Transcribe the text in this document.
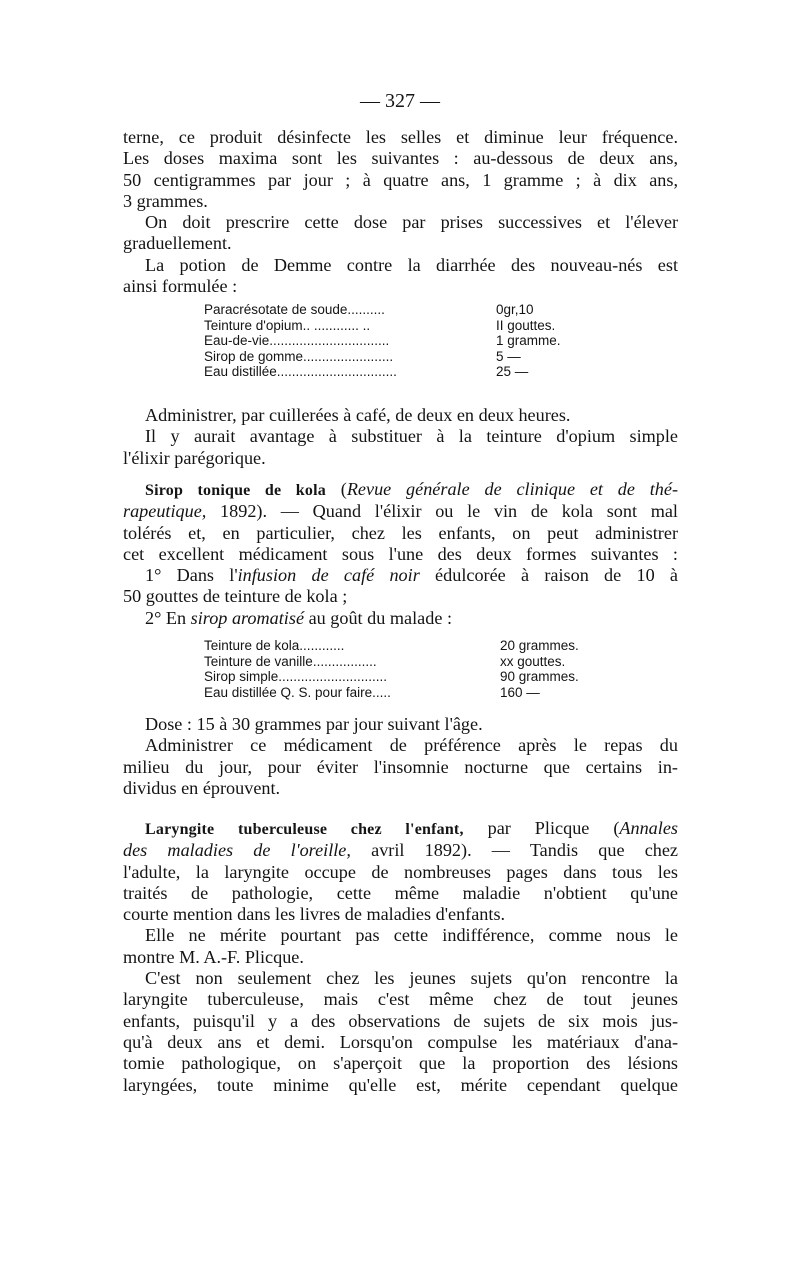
— 327 —
terne, ce produit désinfecte les selles et diminue leur fréquence.
Les doses maxima sont les suivantes : au-dessous de deux ans,
50 centigrammes par jour ; à quatre ans, 1 gramme ; à dix ans,
3 grammes.
On doit prescrire cette dose par prises successives et l'élever
graduellement.
La potion de Demme contre la diarrhée des nouveau-nés est
ainsi formulée :
Paracrésotate de soude..........	0gr,10
Teinture d'opium.. ............ ..	II gouttes.
Eau-de-vie................................	1 gramme.
Sirop de gomme........................	5 —
Eau distillée................................	25 —
Administrer, par cuillerées à café, de deux en deux heures.
Il y aurait avantage à substituer à la teinture d'opium simple
l'élixir parégorique.
Sirop tonique de kola (Revue générale de clinique et de thé-
rapeutique, 1892). — Quand l'élixir ou le vin de kola sont mal
tolérés et, en particulier, chez les enfants, on peut administrer
cet excellent médicament sous l'une des deux formes suivantes :
1° Dans l'infusion de café noir édulcorée à raison de 10 à
50 gouttes de teinture de kola ;
2° En sirop aromatisé au goût du malade :
Teinture de kola............	20 grammes.
Teinture de vanille.................	xx gouttes.
Sirop simple.............................	90 grammes.
Eau distillée Q. S. pour faire.....	160 —
Dose : 15 à 30 grammes par jour suivant l'âge.
Administrer ce médicament de préférence après le repas du
milieu du jour, pour éviter l'insomnie nocturne que certains in-
dividus en éprouvent.
Laryngite tuberculeuse chez l'enfant, par Plicque (Annales
des maladies de l'oreille, avril 1892). — Tandis que chez
l'adulte, la laryngite occupe de nombreuses pages dans tous les
traités de pathologie, cette même maladie n'obtient qu'une
courte mention dans les livres de maladies d'enfants.
Elle ne mérite pourtant pas cette indifférence, comme nous le
montre M. A.-F. Plicque.
C'est non seulement chez les jeunes sujets qu'on rencontre la
laryngite tuberculeuse, mais c'est même chez de tout jeunes
enfants, puisqu'il y a des observations de sujets de six mois jus-
qu'à deux ans et demi. Lorsqu'on compulse les matériaux d'ana-
tomie pathologique, on s'aperçoit que la proportion des lésions
laryngées, toute minime qu'elle est, mérite cependant quelque
